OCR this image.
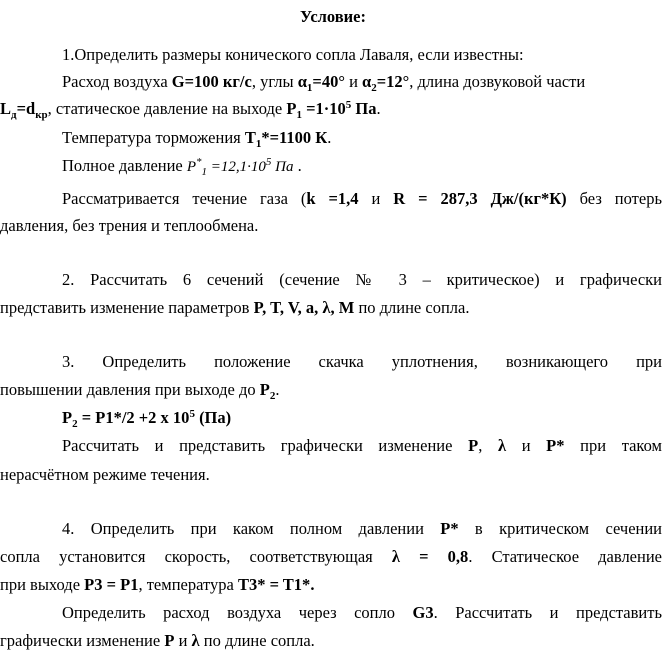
Условие:

1.Определить размеры конического сопла Лаваля, если известны:

Расход воздуха G=100 кг/с, углы $\alpha_1=40^\circ$ и $\alpha_2=12^\circ$, длина дозвуковой части

$L_д=d_{кр}$, статическое давление на выходе $P_1 =1\cdot 10^5$ Па.

Температура торможения $T_1*=1100$ К.

Полное давление $P^*_1 =12,1\cdot 10^5$ Па .

Рассматривается течение газа (k =1,4 и R = 287,3 Дж/(кг*К) без потерь

давления, без трения и теплообмена.

2. Рассчитать 6 сечений (сечение № 3 – критическое) и графически

представить изменение параметров P, T, V, a, λ, M по длине сопла.

3. Определить положение скачка уплотнения, возникающего при

повышении давления при выходе до $P_2$.

$P_2 = P1*/2 +2$ х $10^5$ (Па)

Рассчитать и представить графически изменение P, λ и P* при таком

нерасчётном режиме течения.

4. Определить при каком полном давлении P* в критическом сечении

сопла установится скорость, соответствующая λ = 0,8. Статическое давление

при выходе P3 = P1, температура T3* = T1*.

Определить расход воздуха через сопло G3. Рассчитать и представить

графически изменение P и λ по длине сопла.
